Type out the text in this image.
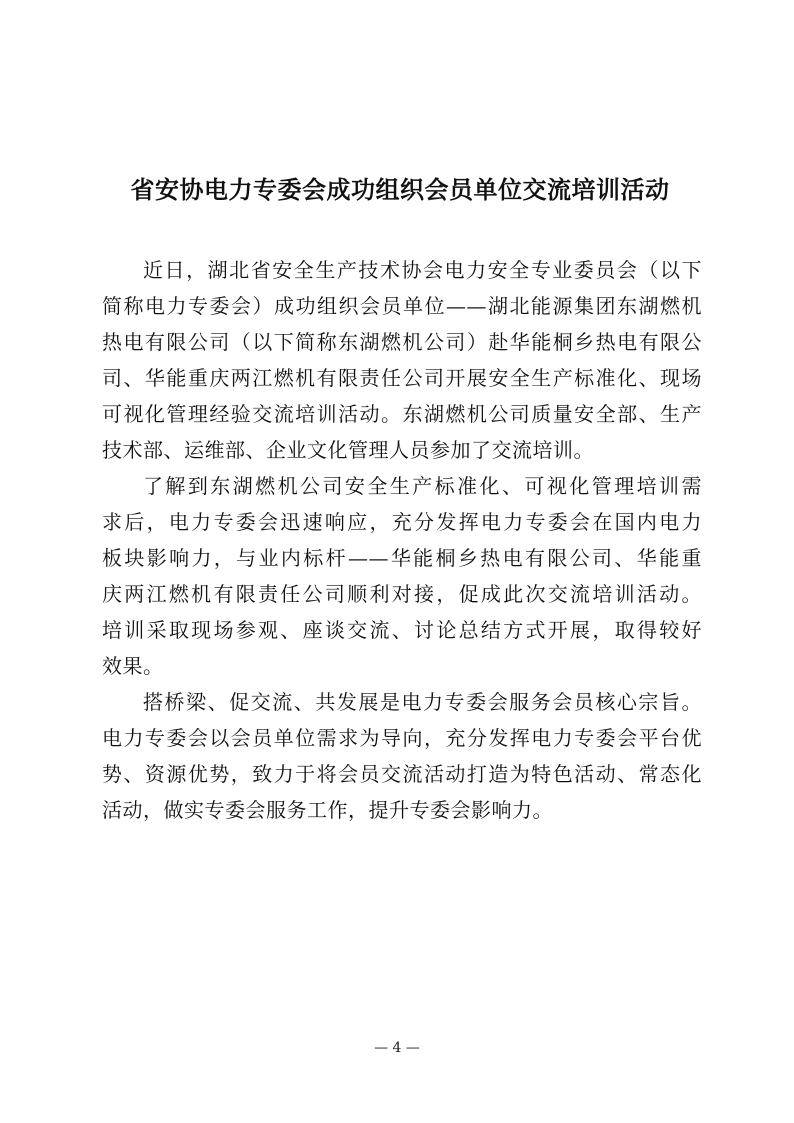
省安协电力专委会成功组织会员单位交流培训活动
近日，湖北省安全生产技术协会电力安全专业委员会（以下
简称电力专委会）成功组织会员单位——湖北能源集团东湖燃机
热电有限公司（以下简称东湖燃机公司）赴华能桐乡热电有限公
司、华能重庆两江燃机有限责任公司开展安全生产标准化、现场
可视化管理经验交流培训活动。东湖燃机公司质量安全部、生产
技术部、运维部、企业文化管理人员参加了交流培训。
了解到东湖燃机公司安全生产标准化、可视化管理培训需
求后，电力专委会迅速响应，充分发挥电力专委会在国内电力
板块影响力，与业内标杆——华能桐乡热电有限公司、华能重
庆两江燃机有限责任公司顺利对接，促成此次交流培训活动。
培训采取现场参观、座谈交流、讨论总结方式开展，取得较好
效果。
搭桥梁、促交流、共发展是电力专委会服务会员核心宗旨。
电力专委会以会员单位需求为导向，充分发挥电力专委会平台优
势、资源优势，致力于将会员交流活动打造为特色活动、常态化
活动，做实专委会服务工作，提升专委会影响力。
— 4 —
